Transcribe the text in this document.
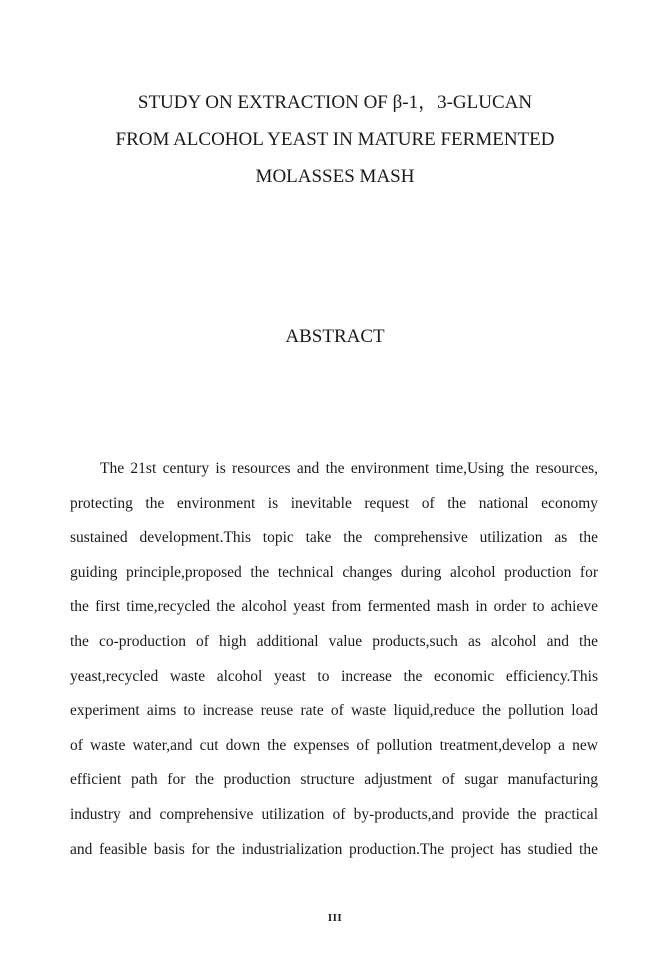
STUDY ON EXTRACTION OF β-1，3-GLUCAN
FROM ALCOHOL YEAST IN MATURE FERMENTED
MOLASSES MASH
ABSTRACT
The 21st century is resources and the environment time,Using the resources,
protecting the environment is inevitable request of the national economy
sustained development.This topic take the comprehensive utilization as the
guiding principle,proposed the technical changes during alcohol production for
the first time,recycled the alcohol yeast from fermented mash in order to achieve
the co-production of high additional value products,such as alcohol and the
yeast,recycled waste alcohol yeast to increase the economic efficiency.This
experiment aims to increase reuse rate of waste liquid,reduce the pollution load
of waste water,and cut down the expenses of pollution treatment,develop a new
efficient path for the production structure adjustment of sugar manufacturing
industry and comprehensive utilization of by-products,and provide the practical
and feasible basis for the industrialization production.The project has studied the
III
